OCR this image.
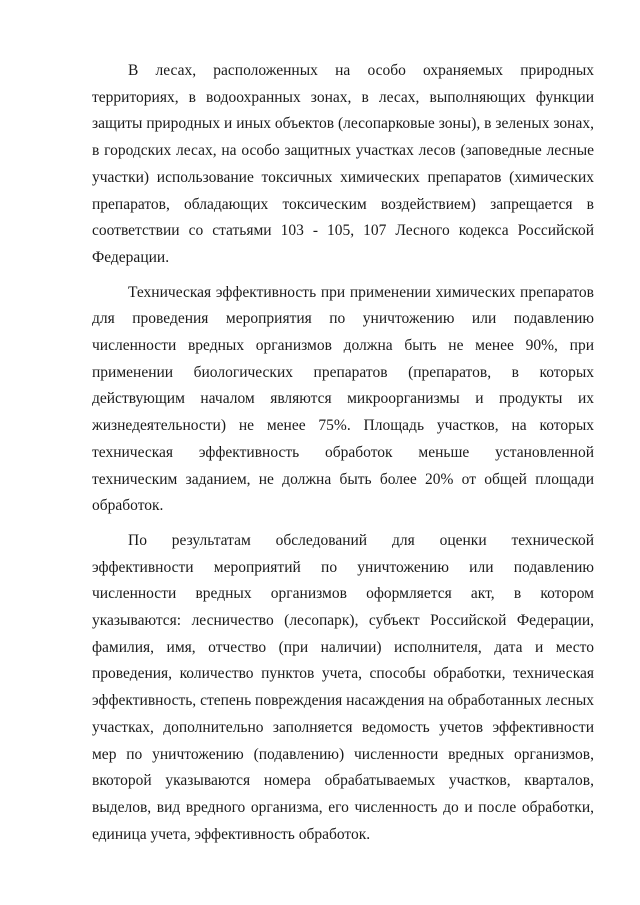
В лесах, расположенных на особо охраняемых природных территориях, в водоохранных зонах, в лесах, выполняющих функции защиты природных и иных объектов (лесопарковые зоны), в зеленых зонах, в городских лесах, на особо защитных участках лесов (заповедные лесные участки) использование токсичных химических препаратов (химических препаратов, обладающих токсическим воздействием) запрещается в соответствии со статьями 103 - 105, 107 Лесного кодекса Российской Федерации.

Техническая эффективность при применении химических препаратов для проведения мероприятия по уничтожению или подавлению численности вредных организмов должна быть не менее 90%, при применении биологических препаратов (препаратов, в которых действующим началом являются микроорганизмы и продукты их жизнедеятельности) не менее 75%. Площадь участков, на которых техническая эффективность обработок меньше установленной техническим заданием, не должна быть более 20% от общей площади обработок.

По результатам обследований для оценки технической эффективности мероприятий по уничтожению или подавлению численности вредных организмов оформляется акт, в котором указываются: лесничество (лесопарк), субъект Российской Федерации, фамилия, имя, отчество (при наличии) исполнителя, дата и место проведения, количество пунктов учета, способы обработки, техническая эффективность, степень повреждения насаждения на обработанных лесных участках, дополнительно заполняется ведомость учетов эффективности мер по уничтожению (подавлению) численности вредных организмов, вкоторой указываются номера обрабатываемых участков, кварталов, выделов, вид вредного организма, его численность до и после обработки, единица учета, эффективность обработок.
